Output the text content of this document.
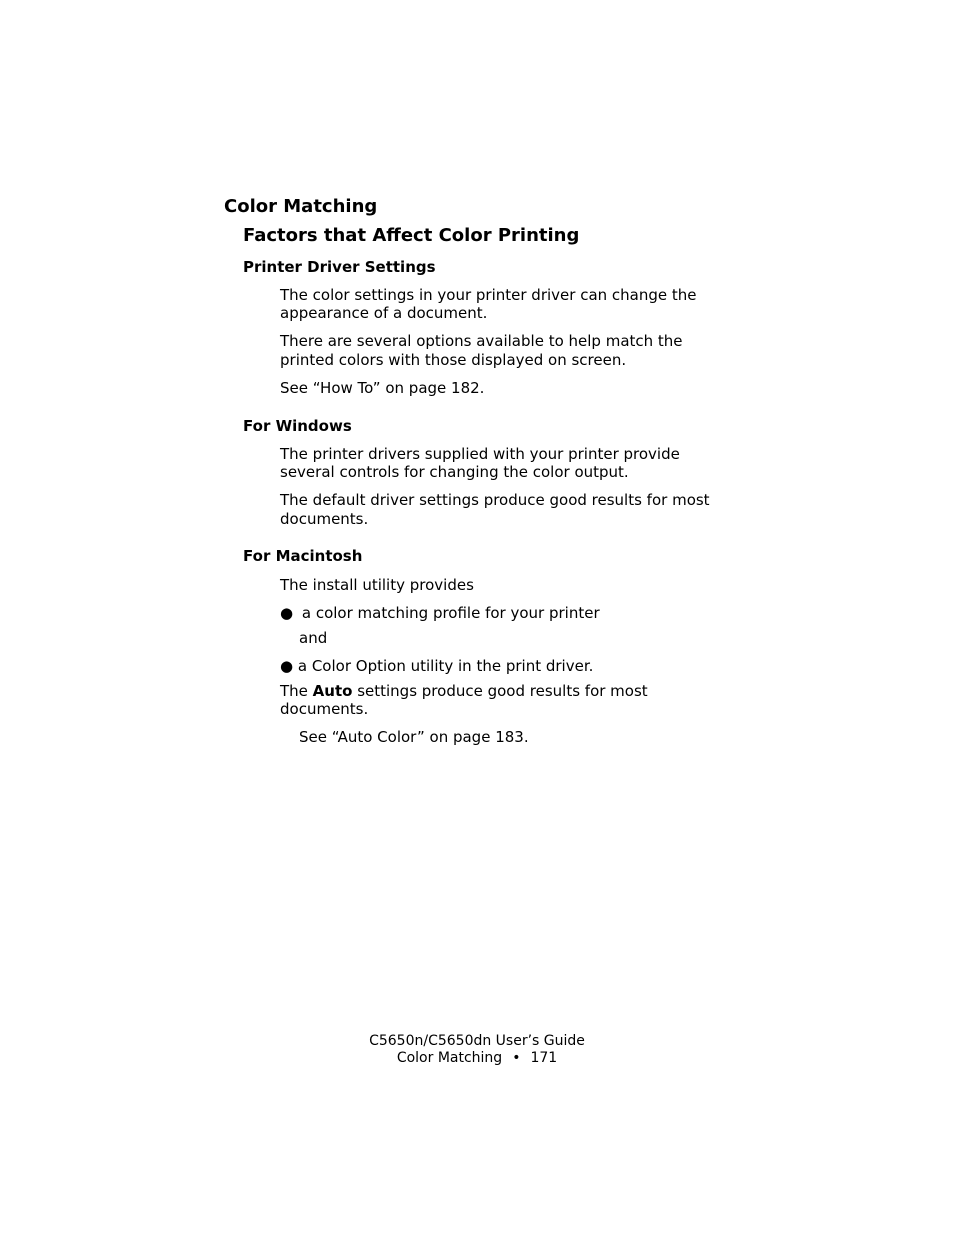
Color Matching
Factors that Affect Color Printing
Printer Driver Settings
The color settings in your printer driver can change the
appearance of a document.
There are several options available to help match the
printed colors with those displayed on screen.
See “How To” on page 182.
For Windows
The printer drivers supplied with your printer provide
several controls for changing the color output.
The default driver settings produce good results for most
documents.
For Macintosh
The install utility provides
● a color matching profile for your printer
and
● a Color Option utility in the print driver.
The Auto settings produce good results for most
documents.
See “Auto Color” on page 183.
C5650n/C5650dn User’s Guide
Color Matching • 171
